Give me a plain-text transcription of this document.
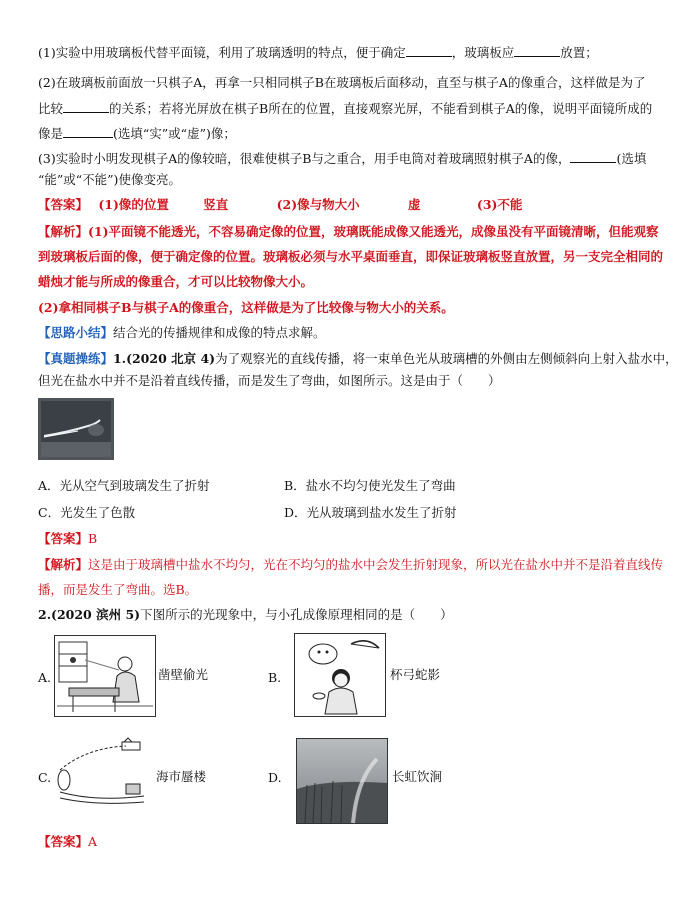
(1)实验中用玻璃板代替平面镜，利用了玻璃透明的特点，便于确定	，玻璃板应	放置；
(2)在玻璃板前面放一只棋子A，再拿一只相同棋子B在玻璃板后面移动，直至与棋子A的像重合，这样做是为了
比较	的关系；若将光屏放在棋子B所在的位置，直接观察光屏，不能看到棋子A的像，说明平面镜所成的
像是	(选填“实”或“虚”)像；
(3)实验时小明发现棋子A的像较暗，很难使棋子B与之重合，用手电筒对着玻璃照射棋子A的像，	(选填
“能”或“不能”)使像变亮。
【答案】 (1)像的位置	竖直	(2)像与物大小	虚	(3)不能
【解析】(1)平面镜不能透光，不容易确定像的位置，玻璃既能成像又能透光，成像虽没有平面镜清晰，但能观察
到玻璃板后面的像，便于确定像的位置。玻璃板必须与水平桌面垂直，即保证玻璃板竖直放置，另一支完全相同的
蜡烛才能与所成的像重合，才可以比较物像大小。
(2)拿相同棋子B与棋子A的像重合，这样做是为了比较像与物大小的关系。
【思路小结】结合光的传播规律和成像的特点求解。
【真题操练】1.(2020 北京 4)为了观察光的直线传播，将一束单色光从玻璃槽的外侧由左侧倾斜向上射入盐水中，
但光在盐水中并不是沿着直线传播，而是发生了弯曲，如图所示。这是由于（　　）
A．光从空气到玻璃发生了折射	B．盐水不均匀使光发生了弯曲
C．光发生了色散	D．光从玻璃到盐水发生了折射
【答案】B
【解析】这是由于玻璃槽中盐水不均匀，光在不均匀的盐水中会发生折射现象，所以光在盐水中并不是沿着直线传
播，而是发生了弯曲。选B。
2.(2020 滨州 5)下图所示的光现象中，与小孔成像原理相同的是（　　）
A.	凿壁偷光	B.	杯弓蛇影
C.	海市蜃楼	D.	长虹饮涧
【答案】A
